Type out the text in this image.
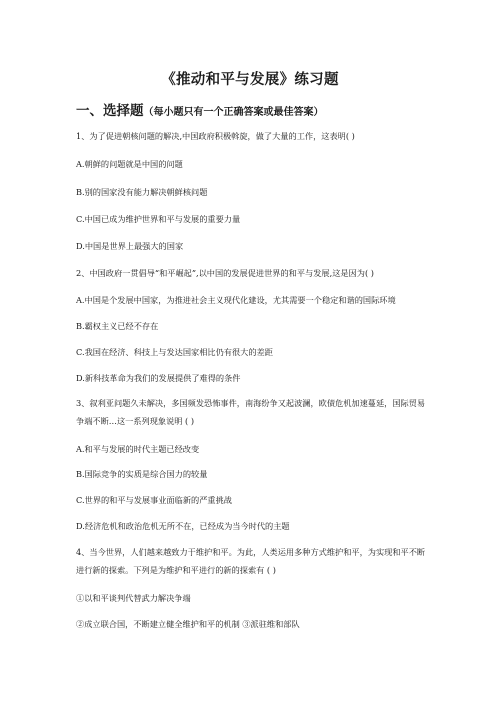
《推动和平与发展》练习题
一、选择题（每小题只有一个正确答案或最佳答案）
1、为了促进朝核问题的解决,中国政府积极斡旋，做了大量的工作，这表明( )
A.朝鲜的问题就是中国的问题
B.别的国家没有能力解决朝鲜核问题
C.中国已成为维护世界和平与发展的重要力量
D.中国是世界上最强大的国家
2、中国政府一贯倡导“和平崛起”,以中国的发展促进世界的和平与发展,这是因为( )
A.中国是个发展中国家，为推进社会主义现代化建设，尤其需要一个稳定和谐的国际环境
B.霸权主义已经不存在
C.我国在经济、科技上与发达国家相比仍有很大的差距
D.新科技革命为我们的发展提供了难得的条件
3、叙利亚问题久未解决，多国频发恐怖事件，南海纷争又起波澜，欧债危机加速蔓延，国际贸易争端不断…这一系列现象说明 ( )
A.和平与发展的时代主题已经改变
B.国际竞争的实质是综合国力的较量
C.世界的和平与发展事业面临新的严重挑战
D.经济危机和政治危机无所不在，已经成为当今时代的主题
4、当今世界，人们越来越致力于维护和平。为此，人类运用多种方式维护和平，为实现和平不断进行新的探索。下列是为维护和平进行的新的探索有 ( )
①以和平谈判代替武力解决争端
②成立联合国，不断建立健全维护和平的机制 ③派驻维和部队
